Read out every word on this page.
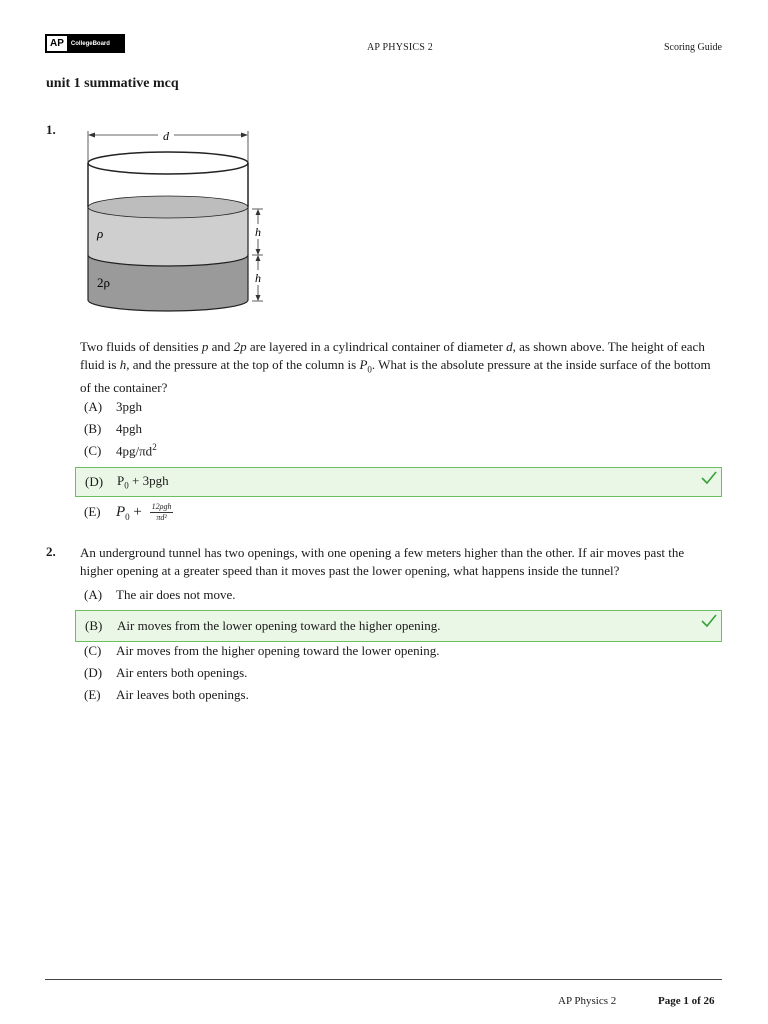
AP	CollegeBoard	AP PHYSICS 2	Scoring Guide
unit 1 summative mcq
1.	d
h
h
ρ
2ρ
Two fluids of densities p and 2p are layered in a cylindrical container of diameter d, as shown above. The height of each fluid is h, and the pressure at the top of the column is $P_0$. What is the absolute pressure at the inside surface of the bottom of the container?
(A)	3pgh
(B)	4pgh
(C)	$4pg/\pi d^2$
(D)	$P_0 + 3pgh$
(E)	$P_0 + \frac{\text{12ρgh}}{\text{πd²}}$
2. An underground tunnel has two openings, with one opening a few meters higher than the other. If air moves past the higher opening at a greater speed than it moves past the lower opening, what happens inside the tunnel?
(A)	The air does not move.
(B)	Air moves from the lower opening toward the higher opening.
(C)	Air moves from the higher opening toward the lower opening.
(D)	Air enters both openings.
(E)	Air leaves both openings.
AP Physics 2	Page 1 of 26
